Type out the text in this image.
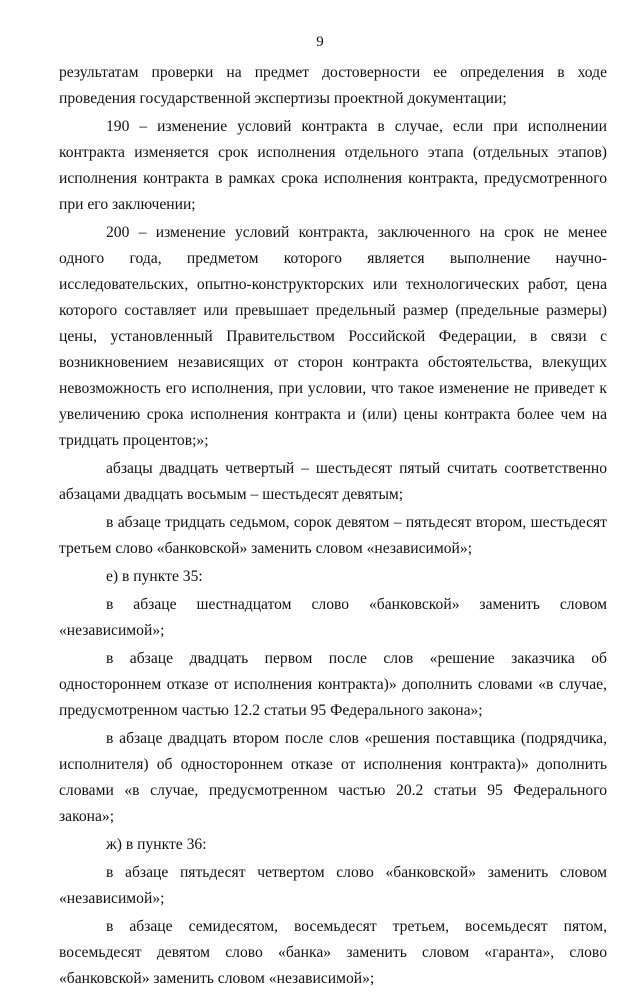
9

результатам проверки на предмет достоверности ее определения в ходе проведения государственной экспертизы проектной документации;

190 – изменение условий контракта в случае, если при исполнении контракта изменяется срок исполнения отдельного этапа (отдельных этапов) исполнения контракта в рамках срока исполнения контракта, предусмотренного при его заключении;

200 – изменение условий контракта, заключенного на срок не менее одного года, предметом которого является выполнение научно-исследовательских, опытно-конструкторских или технологических работ, цена которого составляет или превышает предельный размер (предельные размеры) цены, установленный Правительством Российской Федерации, в связи с возникновением независящих от сторон контракта обстоятельства, влекущих невозможность его исполнения, при условии, что такое изменение не приведет к увеличению срока исполнения контракта и (или) цены контракта более чем на тридцать процентов;»;

абзацы двадцать четвертый – шестьдесят пятый считать соответственно абзацами двадцать восьмым – шестьдесят девятым;

в абзаце тридцать седьмом, сорок девятом – пятьдесят втором, шестьдесят третьем слово «банковской» заменить словом «независимой»;

е) в пункте 35:

в абзаце шестнадцатом слово «банковской» заменить словом «независимой»;

в абзаце двадцать первом после слов «решение заказчика об одностороннем отказе от исполнения контракта)» дополнить словами «в случае, предусмотренном частью 12.2 статьи 95 Федерального закона»;

в абзаце двадцать втором после слов «решения поставщика (подрядчика, исполнителя) об одностороннем отказе от исполнения контракта)» дополнить словами «в случае, предусмотренном частью 20.2 статьи 95 Федерального закона»;

ж) в пункте 36:

в абзаце пятьдесят четвертом слово «банковской» заменить словом «независимой»;

в абзаце семидесятом, восемьдесят третьем, восемьдесят пятом, восемьдесят девятом слово «банка» заменить словом «гаранта», слово «банковской» заменить словом «независимой»;
